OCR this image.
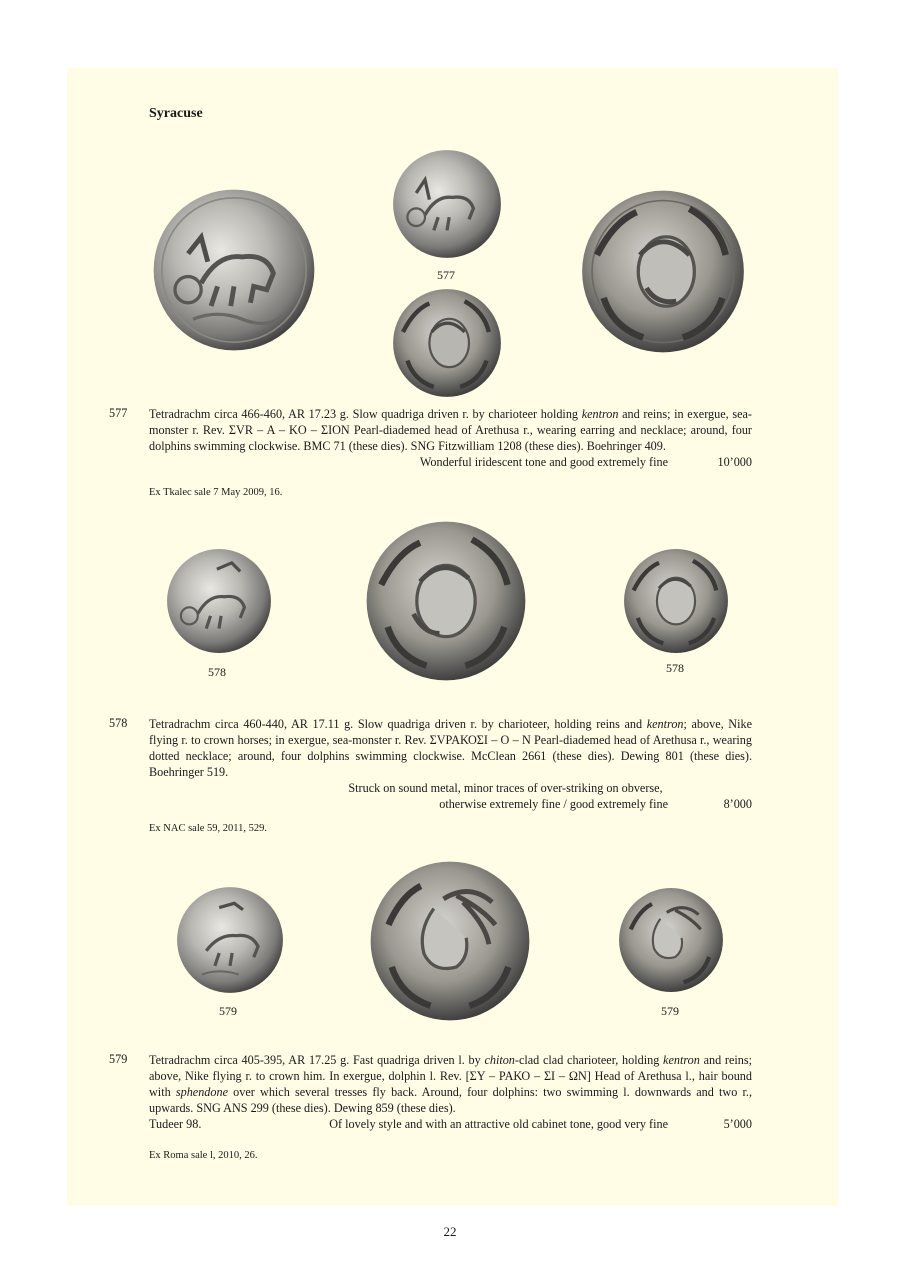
Syracuse
577
577 Tetradrachm circa 466-460, AR 17.23 g. Slow quadriga driven r. by charioteer holding kentron and reins; in exergue, sea-monster r. Rev. ΣVR – A – KO – ΣION Pearl-diademed head of Arethusa r., wearing earring and necklace; around, four dolphins swimming clockwise. BMC 71 (these dies). SNG Fitzwilliam 1208 (these dies). Boehringer 409.

Wonderful iridescent tone and good extremely fine	10’000
Ex Tkalec sale 7 May 2009, 16.
578	578
578 Tetradrachm circa 460-440, AR 17.11 g. Slow quadriga driven r. by charioteer, holding reins and kentron; above, Nike flying r. to crown horses; in exergue, sea-monster r. Rev. ΣVΡΑΚΟΣΙ – Ο – Ν Pearl-diademed head of Arethusa r., wearing dotted necklace; around, four dolphins swimming clockwise. McClean 2661 (these dies). Dewing 801 (these dies). Boehringer 519.

Struck on sound metal, minor traces of over-striking on obverse,
otherwise extremely fine / good extremely fine	8’000
Ex NAC sale 59, 2011, 529.
579	579
579 Tetradrachm circa 405-395, AR 17.25 g. Fast quadriga driven l. by chiton-clad clad charioteer, holding kentron and reins; above, Nike flying r. to crown him. In exergue, dolphin l. Rev. [ΣΥ – ΡΑΚΟ – ΣΙ – ΩΝ] Head of Arethusa l., hair bound with sphendone over which several tresses fly back. Around, four dolphins: two swimming l. downwards and two r., upwards. SNG ANS 299 (these dies). Dewing 859 (these dies).

Tudeer 98.	Of lovely style and with an attractive old cabinet tone, good very fine	5’000
Ex Roma sale l, 2010, 26.
22
